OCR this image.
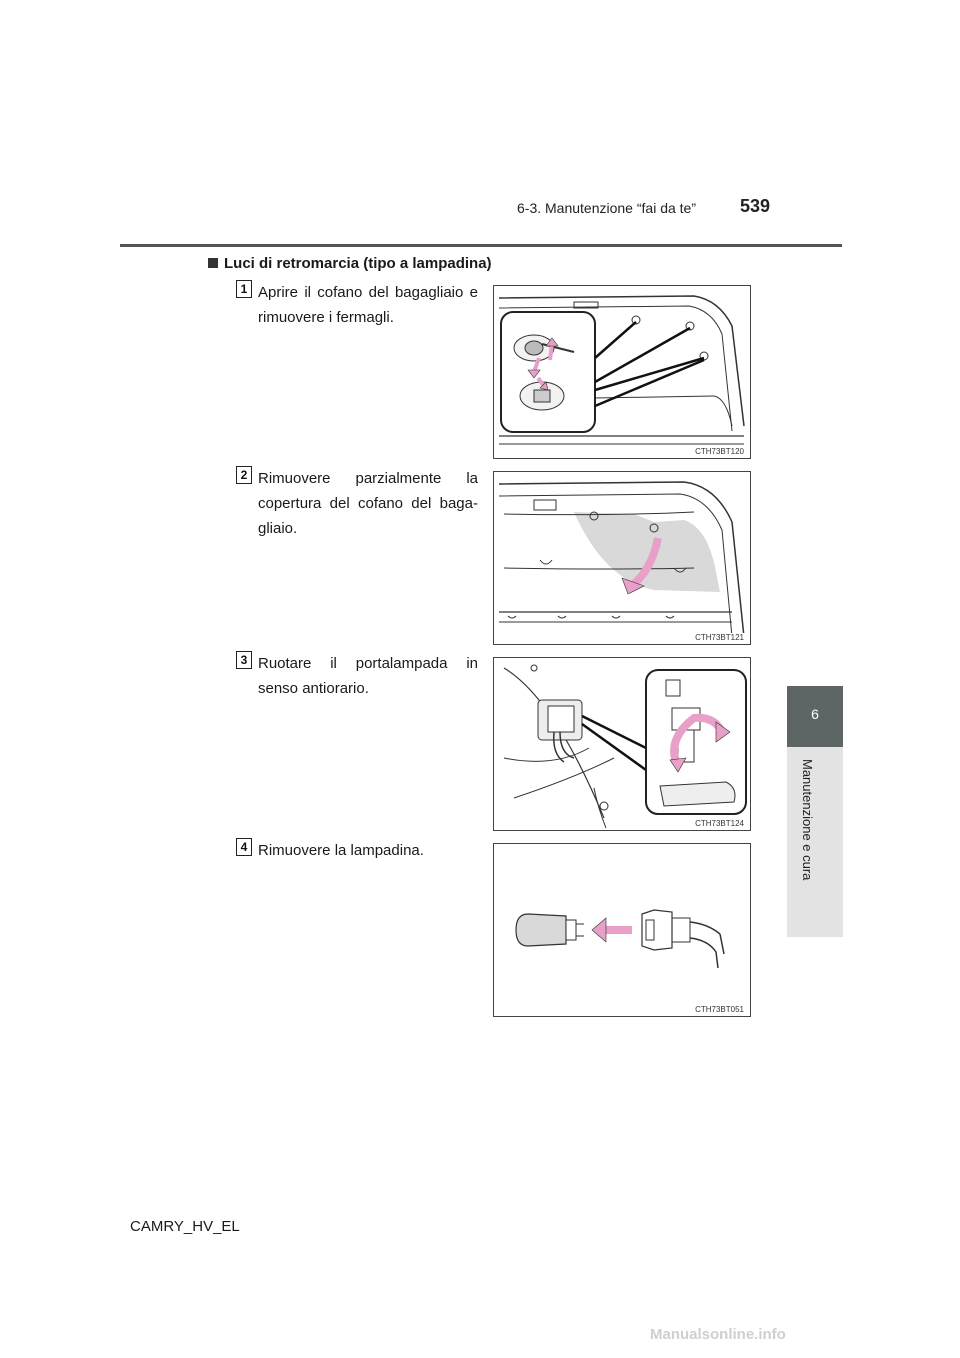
6-3. Manutenzione “fai da te” 539
6
Manutenzione e cura
Luci di retromarcia (tipo a lampadina)
1 Aprire il cofano del bagagliaio e rimuovere i fermagli.
CTH73BT120
2 Rimuovere parzialmente la copertura del cofano del baga-gliaio.
CTH73BT121
3 Ruotare il portalampada in senso antiorario.
CTH73BT124
4 Rimuovere la lampadina.
CTH73BT051
CAMRY_HV_EL
Manualsonline.info
